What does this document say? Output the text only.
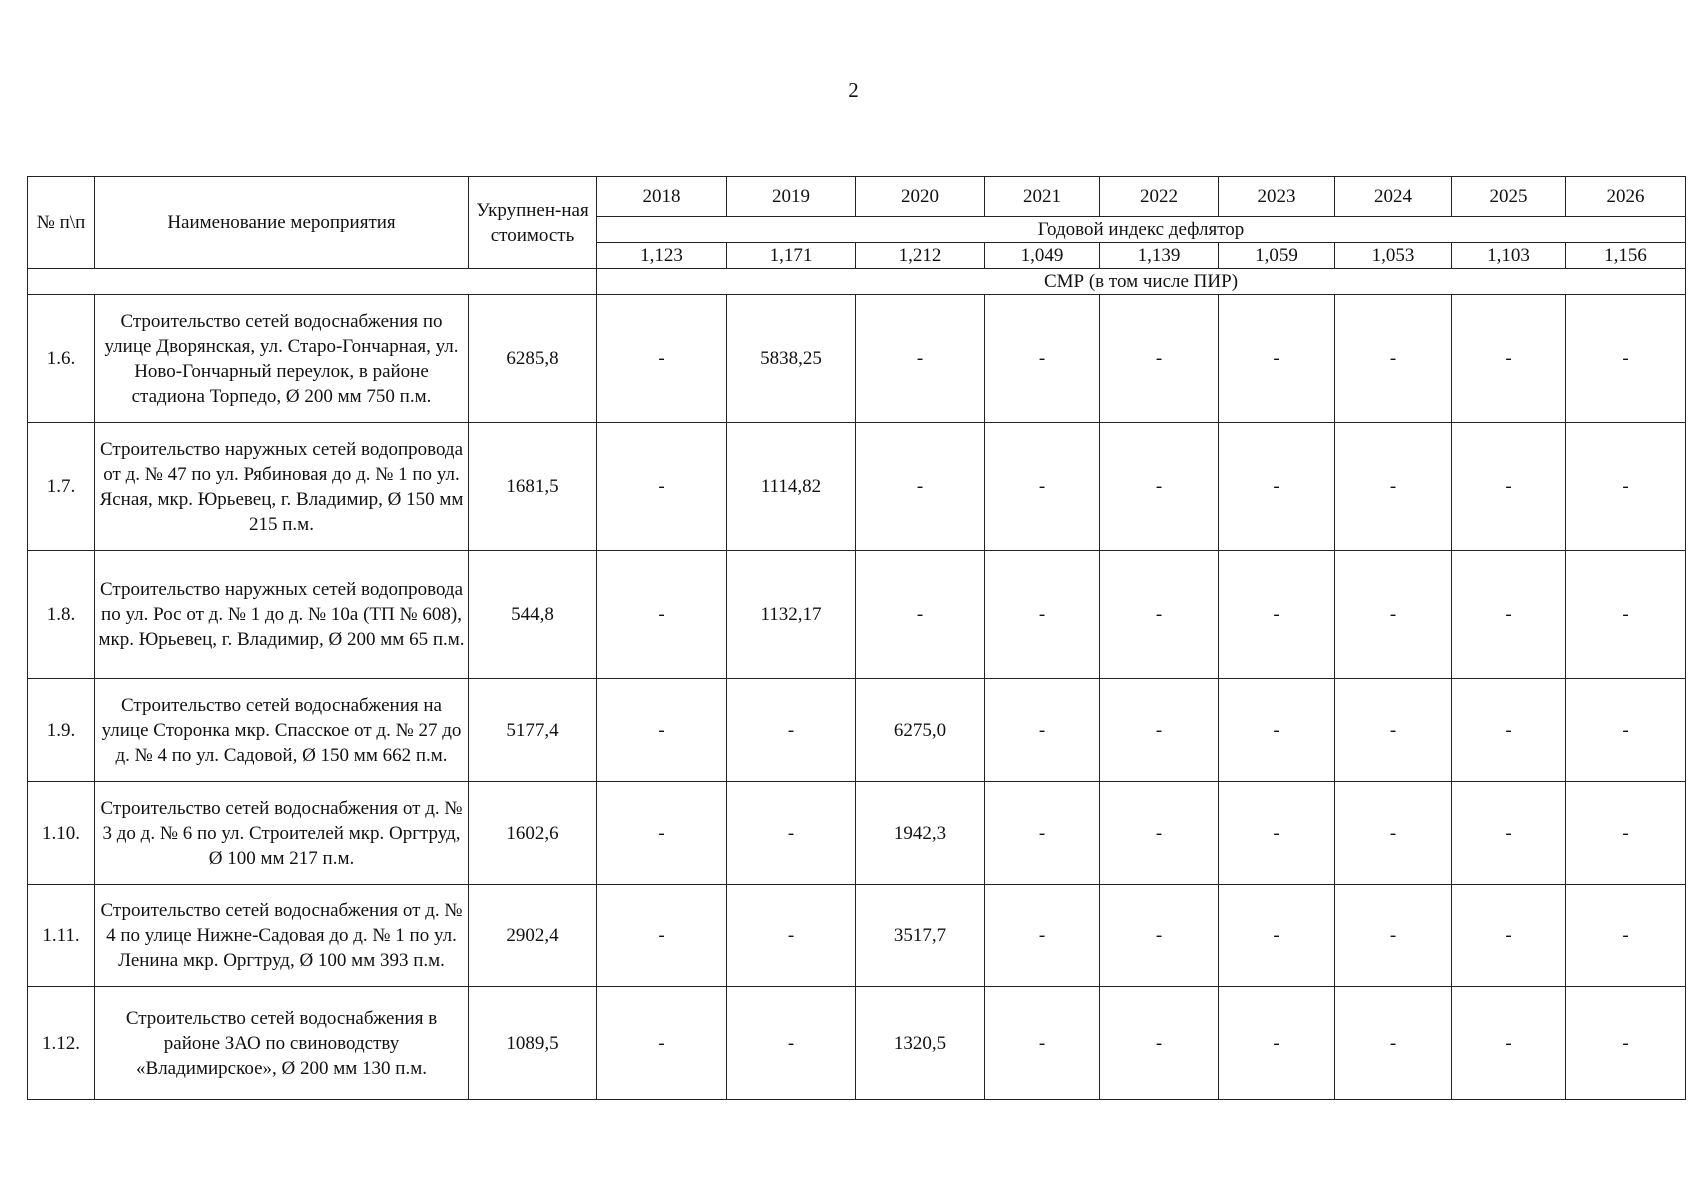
2
№ п\п	Наименование мероприятия	Укрупнен-ная стоимость	2018	2019	2020	2021	2022	2023	2024	2025	2026
			Годовой индекс дефлятор								
			1,123	1,171	1,212	1,049	1,139	1,059	1,053	1,103	1,156
			СМР (в том числе ПИР)								
1.6.	Строительство сетей водоснабжения по улице Дворянская, ул. Старо-Гончарная, ул. Ново-Гончарный переулок, в районе стадиона Торпедо, Ø 200 мм 750 п.м.	6285,8	-	5838,25	-	-	-	-	-	-	-
1.7.	Строительство наружных сетей водопровода от д. № 47 по ул. Рябиновая до д. № 1 по ул. Ясная, мкр. Юрьевец, г. Владимир, Ø 150 мм 215 п.м.	1681,5	-	1114,82	-	-	-	-	-	-	-
1.8.	Строительство наружных сетей водопровода по ул. Рос от д. № 1 до д. № 10а (ТП № 608), мкр. Юрьевец, г. Владимир, Ø 200 мм 65 п.м.	544,8	-	1132,17	-	-	-	-	-	-	-
1.9.	Строительство сетей водоснабжения на улице Сторонка мкр. Спасское от д. № 27 до д. № 4 по ул. Садовой, Ø 150 мм 662 п.м.	5177,4	-	-	6275,0	-	-	-	-	-	-
1.10.	Строительство сетей водоснабжения от д. № 3 до д. № 6 по ул. Строителей мкр. Оргтруд, Ø 100 мм 217 п.м.	1602,6	-	-	1942,3	-	-	-	-	-	-
1.11.	Строительство сетей водоснабжения от д. № 4 по улице Нижне-Садовая до д. № 1 по ул. Ленина мкр. Оргтруд, Ø 100 мм 393 п.м.	2902,4	-	-	3517,7	-	-	-	-	-	-
1.12.	Строительство сетей водоснабжения в районе ЗАО по свиноводству «Владимирское», Ø 200 мм 130 п.м.	1089,5	-	-	1320,5	-	-	-	-	-	-
